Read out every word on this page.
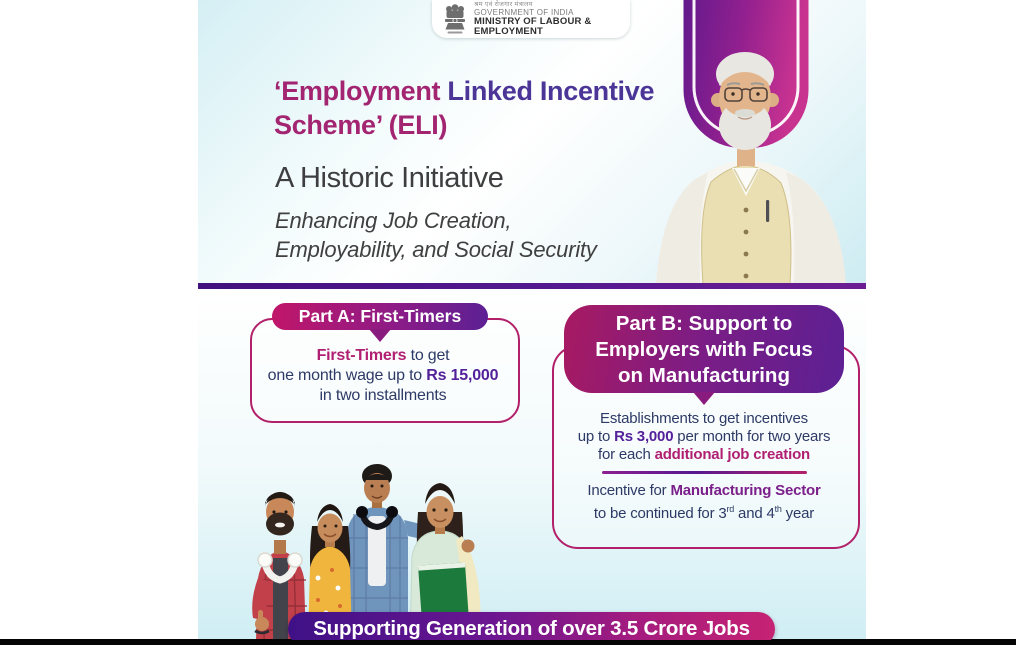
श्रम एवं रोजगार मंत्रालय
GOVERNMENT OF INDIA
MINISTRY OF LABOUR &
EMPLOYMENT
‘Employment Linked Incentive
Scheme’ (ELI)
A Historic Initiative
Enhancing Job Creation,
Employability, and Social Security
Part A: First-Timers
First-Timers to get
one month wage up to Rs 15,000
in two installments
Part B: Support to
Employers with Focus
on Manufacturing
Establishments to get incentives
up to Rs 3,000 per month for two years
for each additional job creation
Incentive for Manufacturing Sector
to be continued for 3rd and 4th year
Supporting Generation of over 3.5 Crore Jobs
